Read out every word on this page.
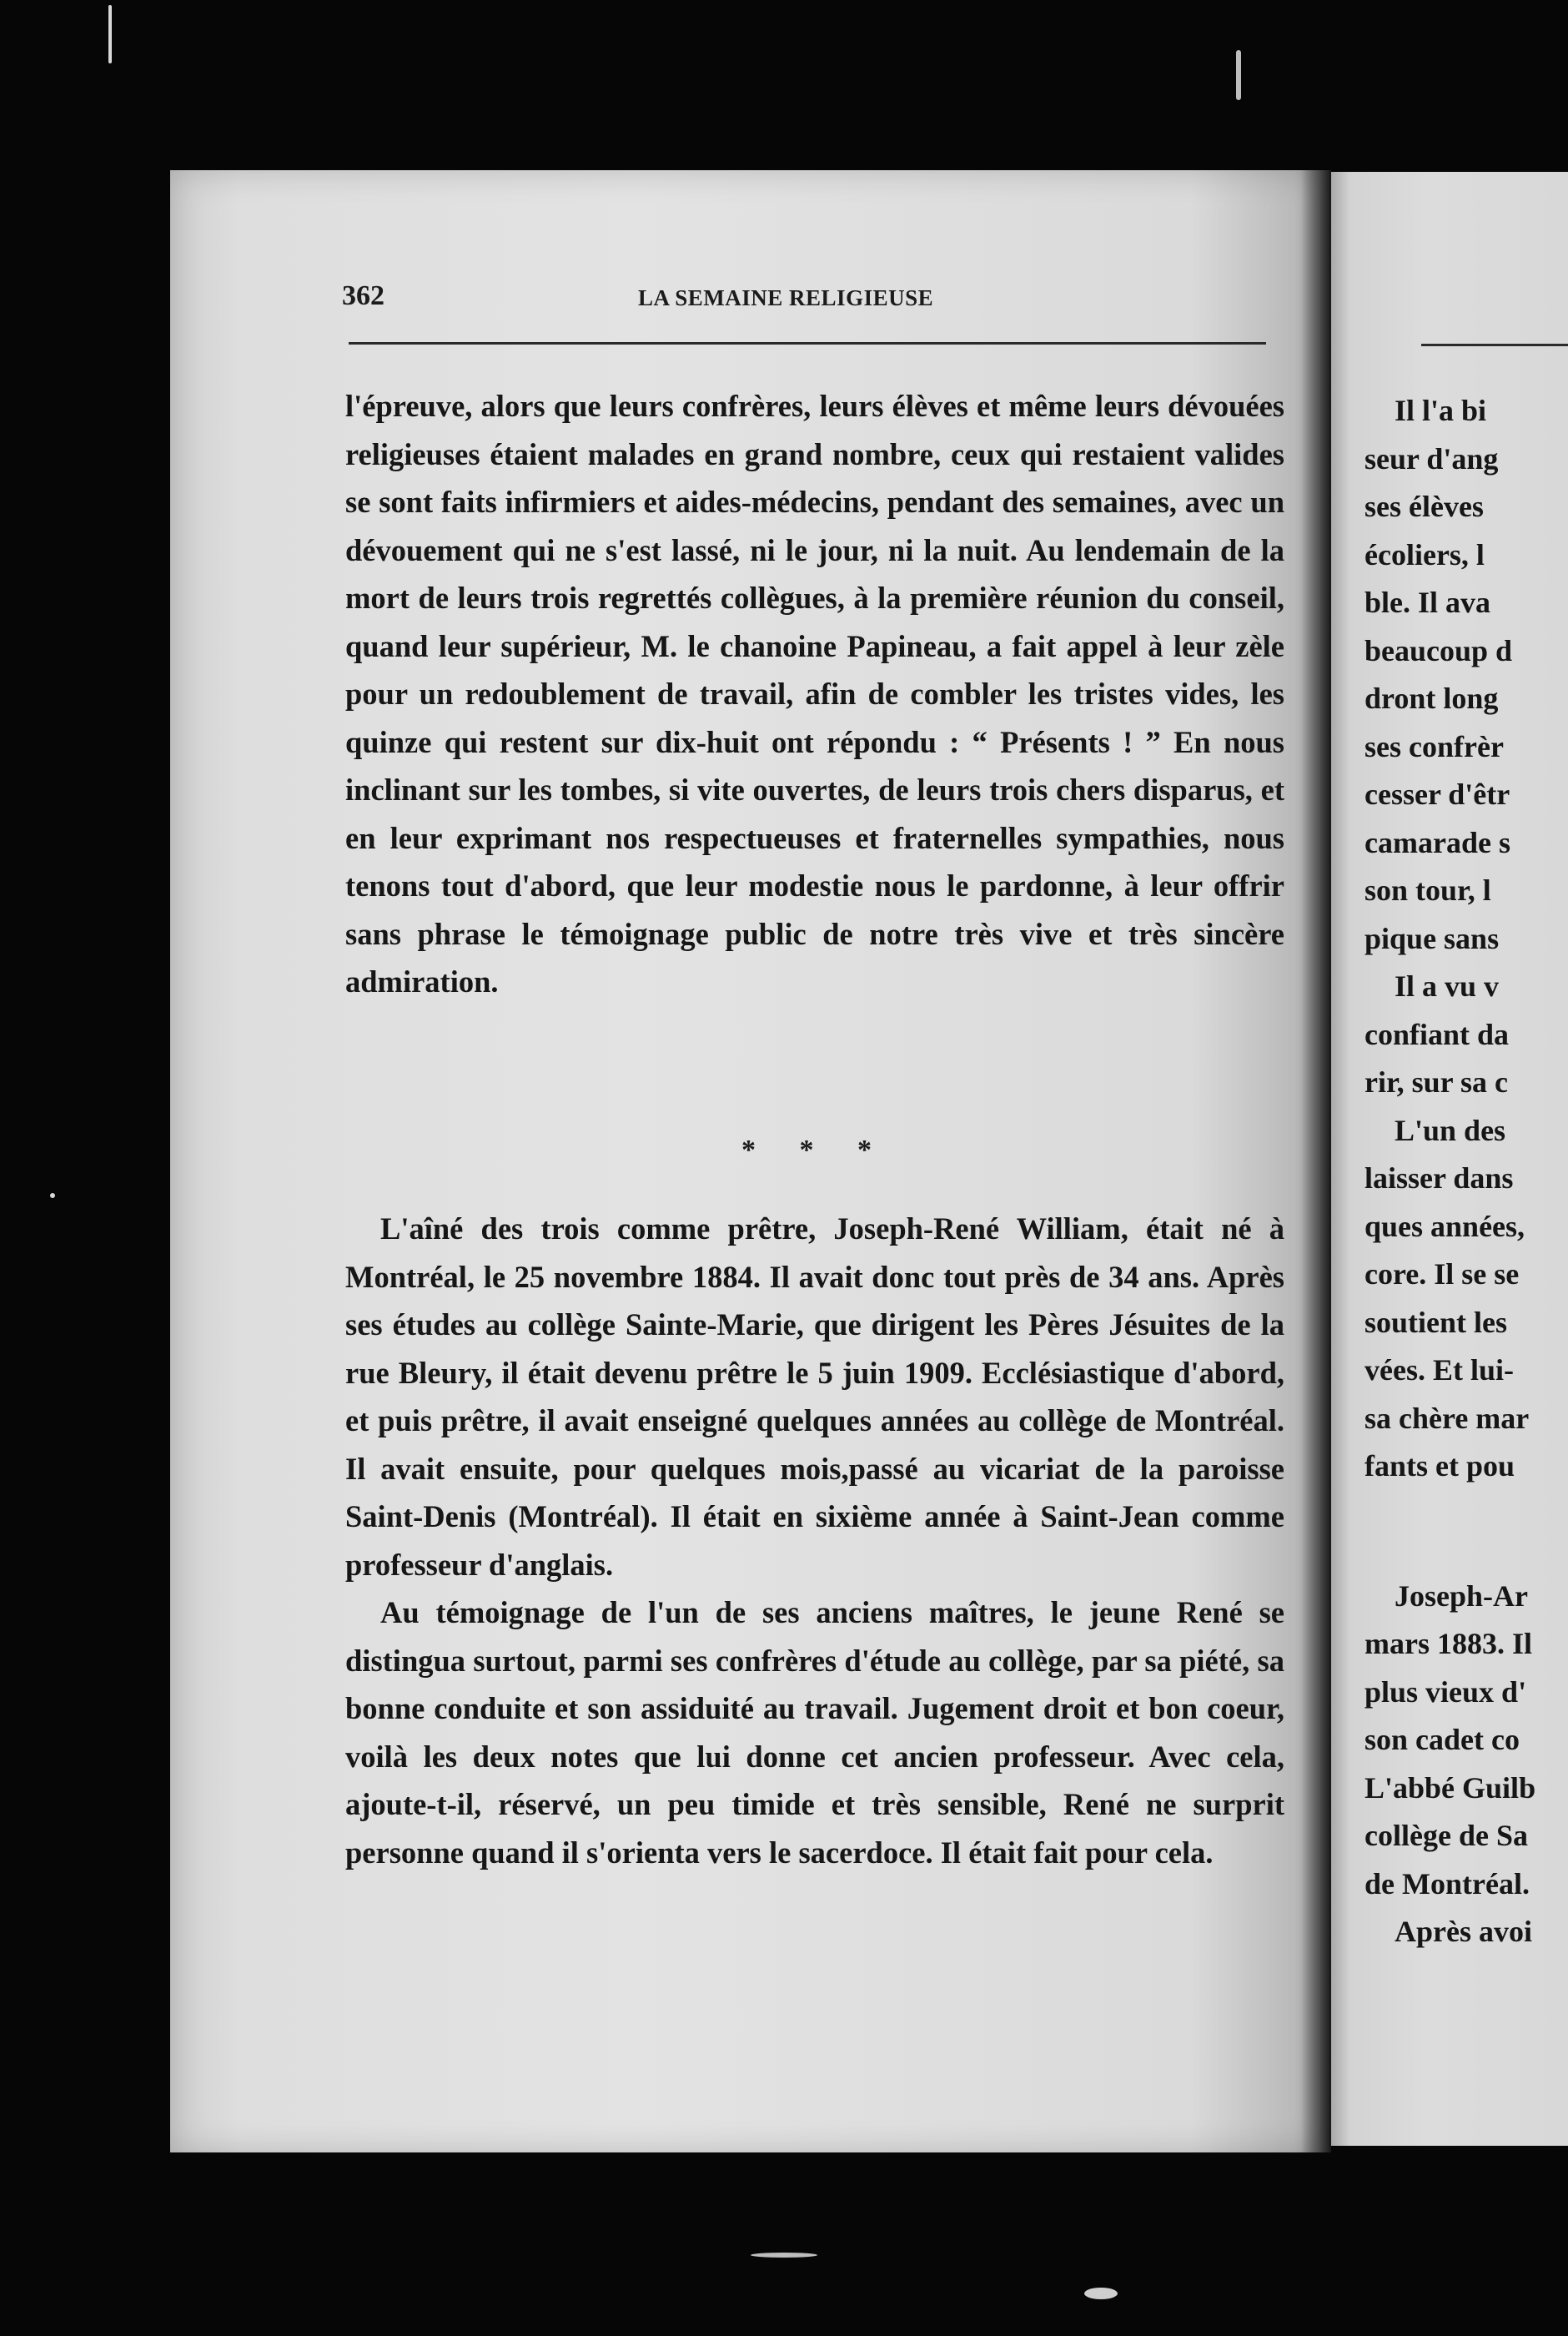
362	LA SEMAINE RELIGIEUSE

l'épreuve, alors que leurs confrères, leurs élèves et même leurs dévouées religieuses étaient malades en grand nombre, ceux qui restaient valides se sont faits infirmiers et aides-médecins, pendant des semaines, avec un dévouement qui ne s'est lassé, ni le jour, ni la nuit. Au lendemain de la mort de leurs trois regrettés collègues, à la première réunion du conseil, quand leur supérieur, M. le chanoine Papineau, a fait appel à leur zèle pour un redoublement de travail, afin de combler les tristes vides, les quinze qui restent sur dix-huit ont répondu : “ Présents ! ” En nous inclinant sur les tombes, si vite ouvertes, de leurs trois chers disparus, et en leur exprimant nos respectueuses et fraternelles sympathies, nous tenons tout d'abord, que leur modestie nous le pardonne, à leur offrir sans phrase le témoignage public de notre très vive et très sincère admiration.

* * *

L'aîné des trois comme prêtre, Joseph-René William, était né à Montréal, le 25 novembre 1884. Il avait donc tout près de 34 ans. Après ses études au collège Sainte-Marie, que dirigent les Pères Jésuites de la rue Bleury, il était devenu prêtre le 5 juin 1909. Ecclésiastique d'abord, et puis prêtre, il avait enseigné quelques années au collège de Montréal. Il avait ensuite, pour quelques mois,passé au vicariat de la paroisse Saint-Denis (Montréal). Il était en sixième année à Saint-Jean comme professeur d'anglais.

Au témoignage de l'un de ses anciens maîtres, le jeune René se distingua surtout, parmi ses confrères d'étude au collège, par sa piété, sa bonne conduite et son assiduité au travail. Jugement droit et bon coeur, voilà les deux notes que lui donne cet ancien professeur. Avec cela, ajoute-t-il, réservé, un peu timide et très sensible, René ne surprit personne quand il s'orienta vers le sacerdoce. Il était fait pour cela.

Il l'a bi
seur d'ang
ses élèves
écoliers, l
ble. Il ava
beaucoup d
dront long
ses confrèr
cesser d'êtr
camarade s
son tour, l
pique sans
Il a vu v
confiant da
rir, sur sa c
L'un des
laisser dans
ques années,
core. Il se se
soutient les
vées. Et lui-
sa chère mar
fants et pou
Joseph-Ar
mars 1883. Il
plus vieux d'
son cadet co
L'abbé Guilb
collège de Sa
de Montréal.
Après avoi
